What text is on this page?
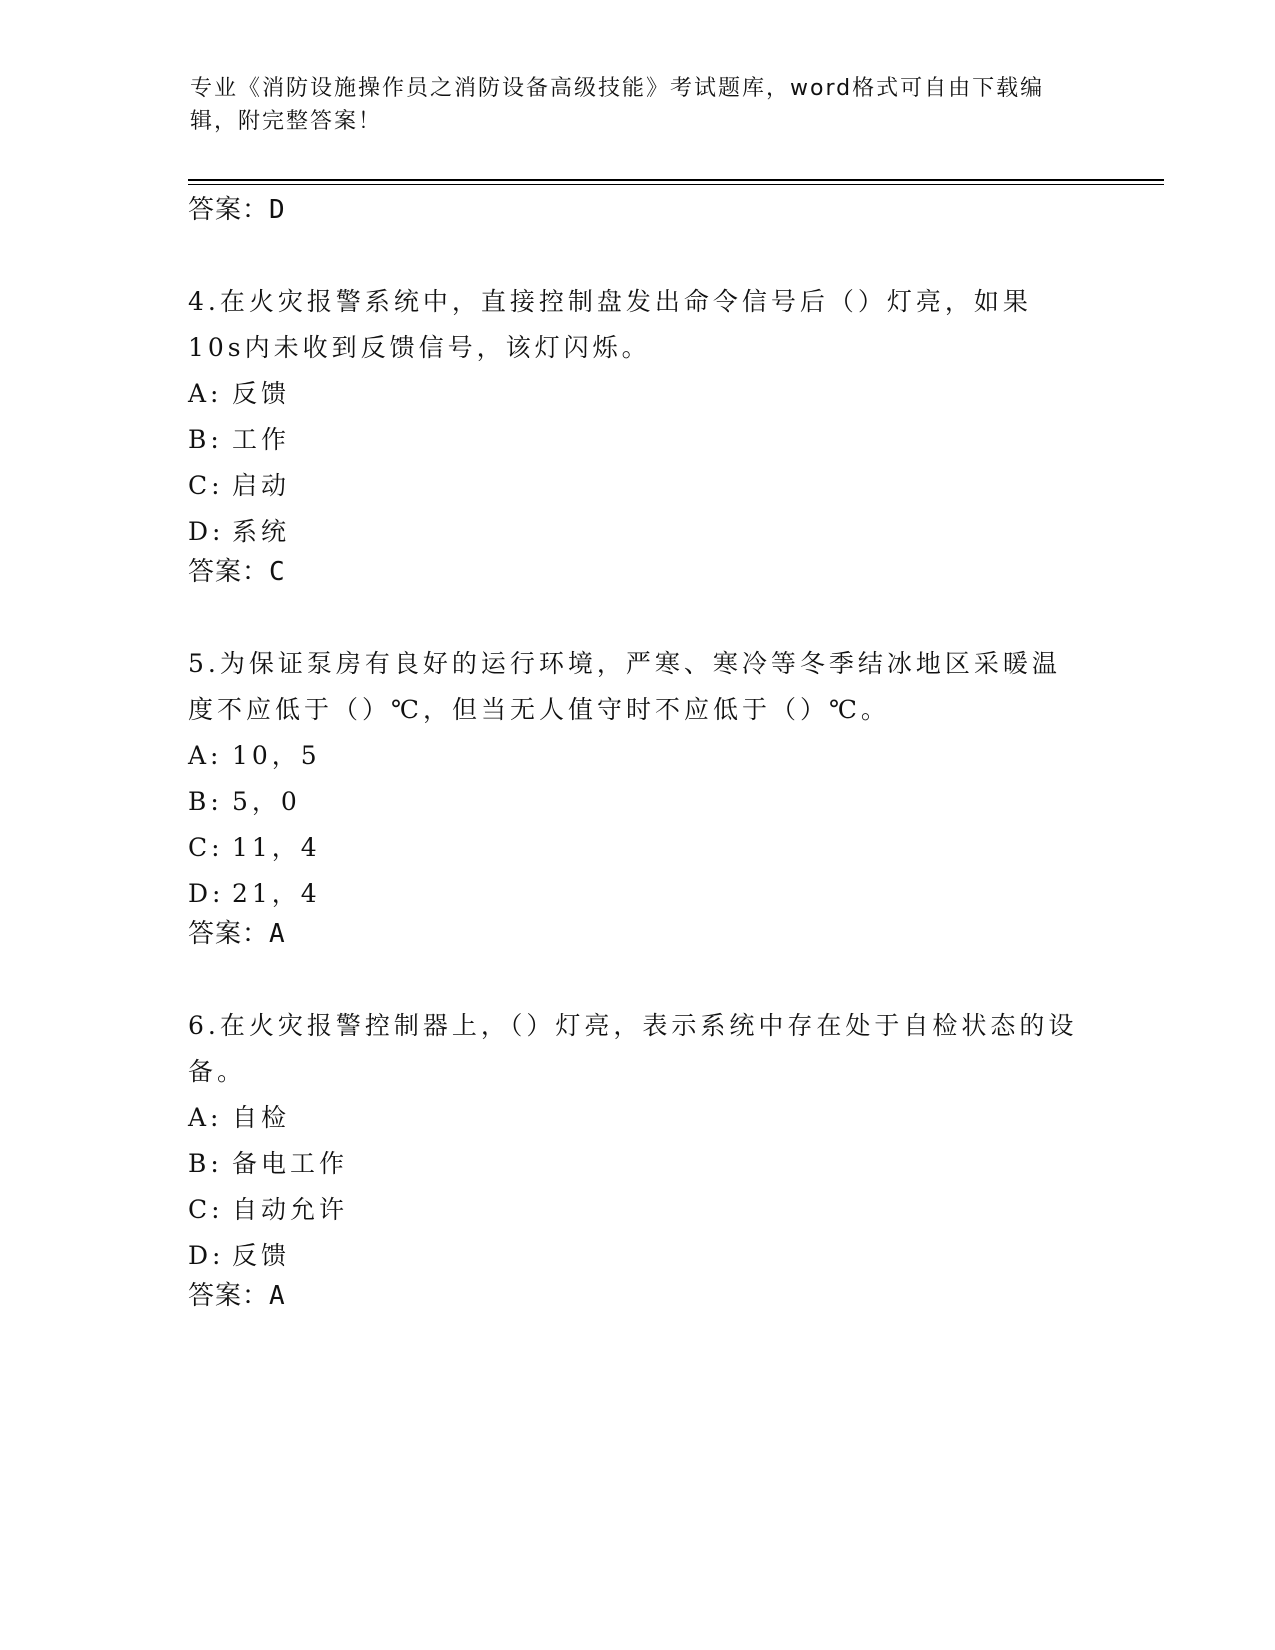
专业《消防设施操作员之消防设备高级技能》考试题库，word格式可自由下载编辑，附完整答案！
答案：D

4.在火灾报警系统中，直接控制盘发出命令信号后（）灯亮，如果10s内未收到反馈信号，该灯闪烁。

A: 反馈
B: 工作
C: 启动
D: 系统
答案：C

5.为保证泵房有良好的运行环境，严寒、寒冷等冬季结冰地区采暖温度不应低于（）℃，但当无人值守时不应低于（）℃。

A: 10，5
B: 5，0
C: 11，4
D: 21，4
答案：A

6.在火灾报警控制器上，（）灯亮，表示系统中存在处于自检状态的设备。

A: 自检
B: 备电工作
C: 自动允许
D: 反馈
答案：A
